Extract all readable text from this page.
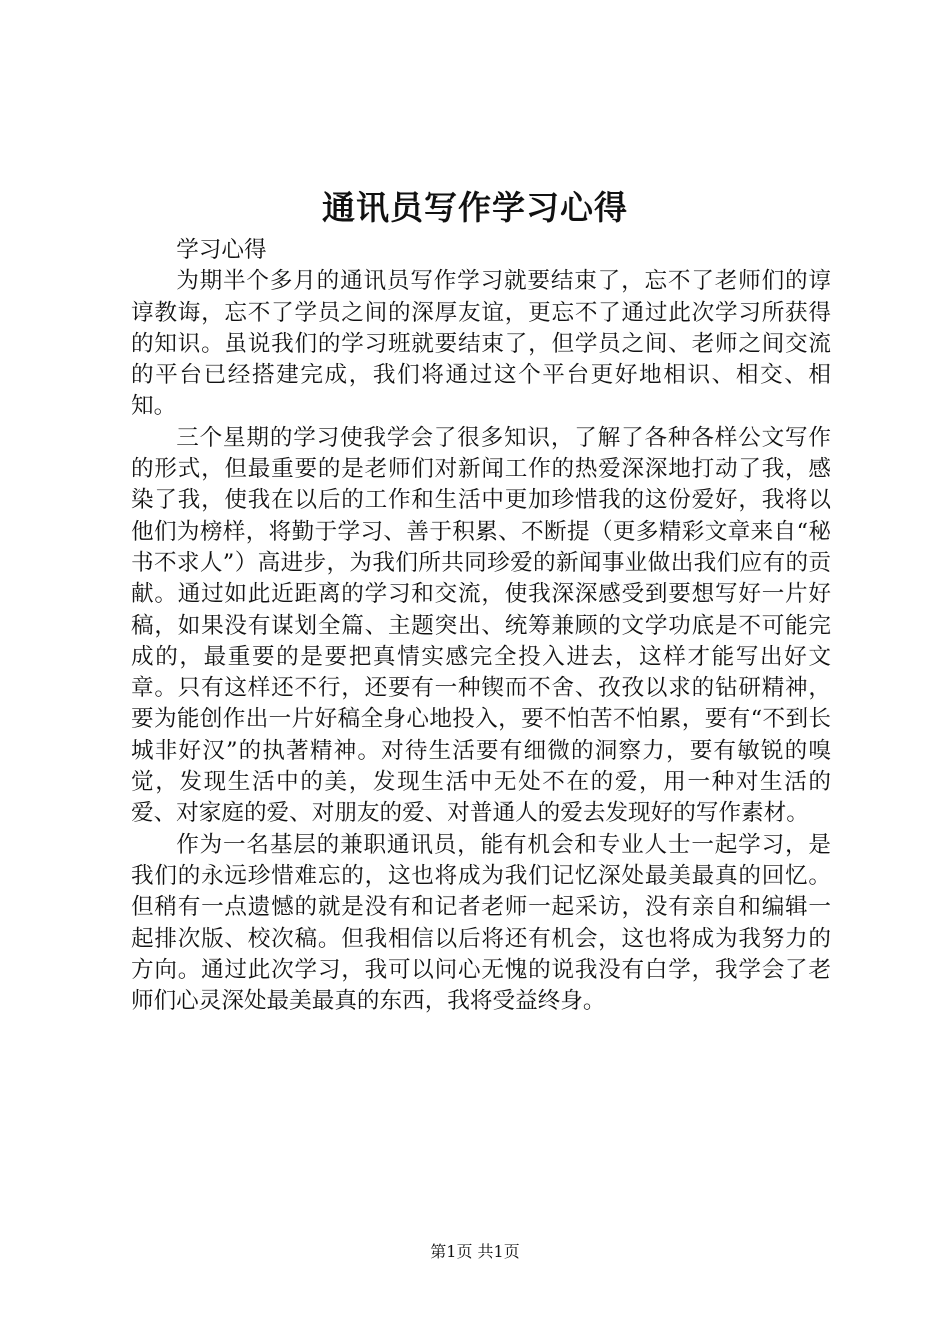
通讯员写作学习心得

学习心得

为期半个多月的通讯员写作学习就要结束了，忘不了老师们的谆谆教诲，忘不了学员之间的深厚友谊，更忘不了通过此次学习所获得的知识。虽说我们的学习班就要结束了，但学员之间、老师之间交流的平台已经搭建完成，我们将通过这个平台更好地相识、相交、相知。

三个星期的学习使我学会了很多知识，了解了各种各样公文写作的形式，但最重要的是老师们对新闻工作的热爱深深地打动了我，感染了我，使我在以后的工作和生活中更加珍惜我的这份爱好，我将以他们为榜样，将勤于学习、善于积累、不断提（更多精彩文章来自“秘书不求人”）高进步，为我们所共同珍爱的新闻事业做出我们应有的贡献。通过如此近距离的学习和交流，使我深深感受到要想写好一片好稿，如果没有谋划全篇、主题突出、统筹兼顾的文学功底是不可能完成的，最重要的是要把真情实感完全投入进去，这样才能写出好文章。只有这样还不行，还要有一种锲而不舍、孜孜以求的钻研精神，要为能创作出一片好稿全身心地投入，要不怕苦不怕累，要有“不到长城非好汉”的执著精神。对待生活要有细微的洞察力，要有敏锐的嗅觉，发现生活中的美，发现生活中无处不在的爱，用一种对生活的爱、对家庭的爱、对朋友的爱、对普通人的爱去发现好的写作素材。

作为一名基层的兼职通讯员，能有机会和专业人士一起学习，是我们的永远珍惜难忘的，这也将成为我们记忆深处最美最真的回忆。但稍有一点遗憾的就是没有和记者老师一起采访，没有亲自和编辑一起排次版、校次稿。但我相信以后将还有机会，这也将成为我努力的方向。通过此次学习，我可以问心无愧的说我没有白学，我学会了老师们心灵深处最美最真的东西，我将受益终身。

第1页 共1页
